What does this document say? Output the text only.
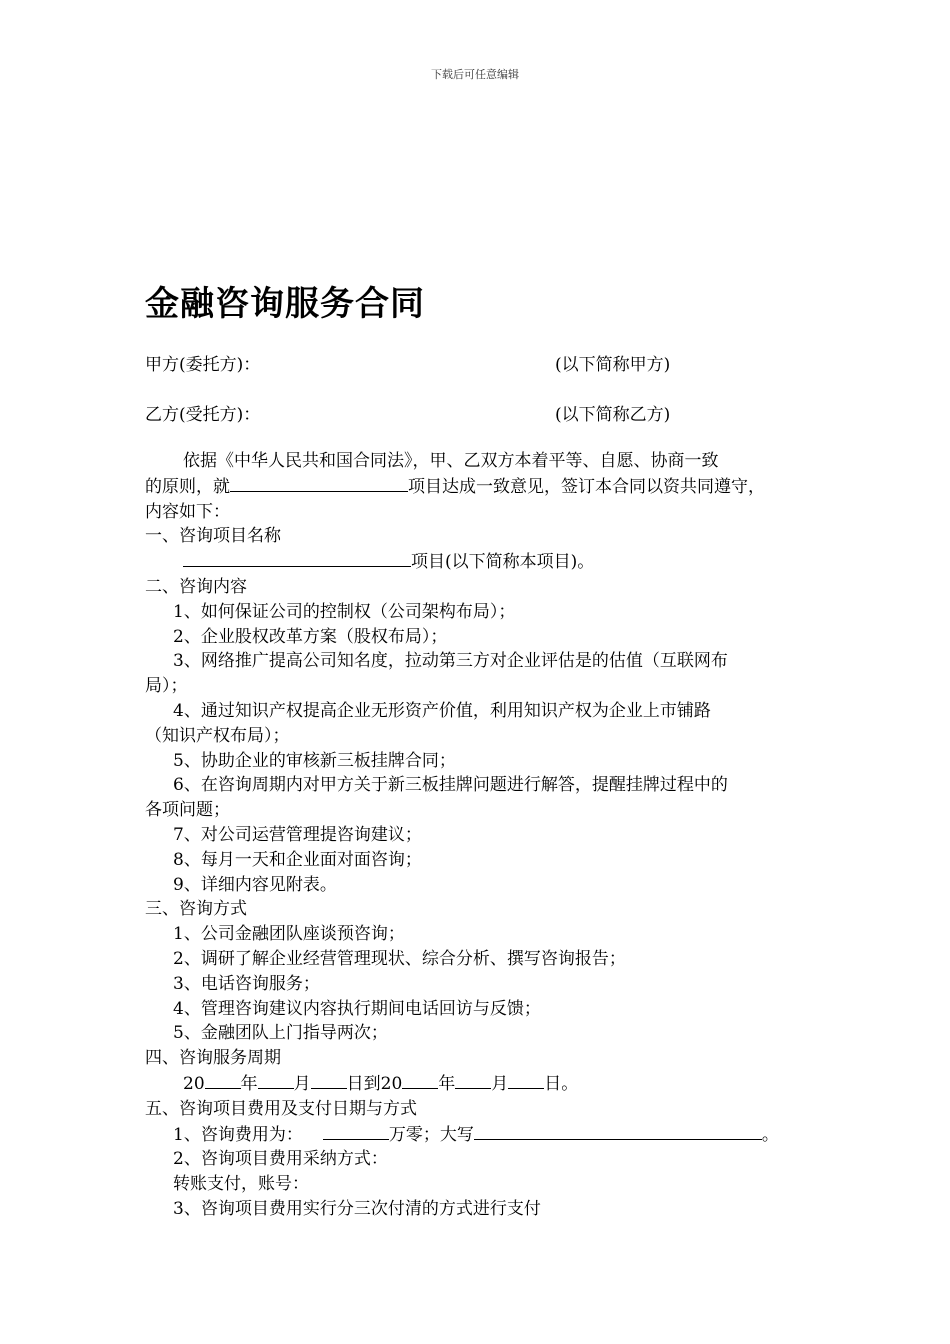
下载后可任意编辑
金融咨询服务合同
甲方(委托方)：	(以下简称甲方)
乙方(受托方)：	(以下简称乙方)
依据《中华人民共和国合同法》，甲、乙双方本着平等、自愿、协商一致
的原则，就	项目达成一致意见，签订本合同以资共同遵守，
内容如下：
一、咨询项目名称
项目(以下简称本项目)。
二、咨询内容
1、如何保证公司的控制权（公司架构布局）；
2、企业股权改革方案（股权布局）；
3、网络推广提高公司知名度，拉动第三方对企业评估是的估值（互联网布
局）；
4、通过知识产权提高企业无形资产价值，利用知识产权为企业上市铺路
（知识产权布局）；
5、协助企业的审核新三板挂牌合同；
6、在咨询周期内对甲方关于新三板挂牌问题进行解答，提醒挂牌过程中的
各项问题；
7、对公司运营管理提咨询建议；
8、每月一天和企业面对面咨询；
9、详细内容见附表。
三、咨询方式
1、公司金融团队座谈预咨询；
2、调研了解企业经营管理现状、综合分析、撰写咨询报告；
3、电话咨询服务；
4、管理咨询建议内容执行期间电话回访与反馈；
5、金融团队上门指导两次；
四、咨询服务周期
20 年 月 日到20 年 月 日。
五、咨询项目费用及支付日期与方式
1、咨询费用为：	万零；大写	。
2、咨询项目费用采纳方式：
转账支付，账号：
3、咨询项目费用实行分三次付清的方式进行支付
